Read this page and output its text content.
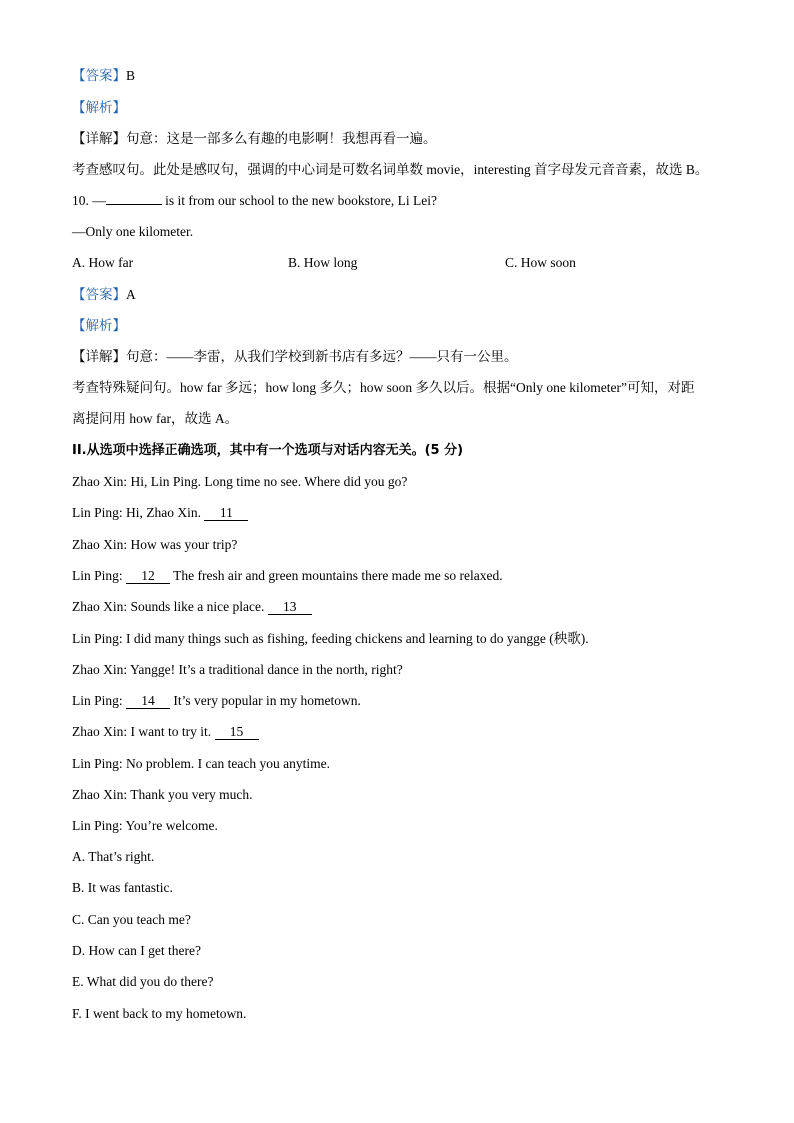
【答案】B
【解析】
【详解】句意：这是一部多么有趣的电影啊！我想再看一遍。
考查感叹句。此处是感叹句，强调的中心词是可数名词单数 movie，interesting 首字母发元音音素，故选 B。
10. —	is it from our school to the new bookstore, Li Lei?
—Only one kilometer.
A. How far	B. How long	C. How soon
【答案】A
【解析】
【详解】句意：——李雷，从我们学校到新书店有多远？——只有一公里。
考查特殊疑问句。how far 多远；how long 多久；how soon 多久以后。根据“Only one kilometer”可知，对距
离提问用 how far，故选 A。
II.从选项中选择正确选项，其中有一个选项与对话内容无关。(5 分)
Zhao Xin: Hi, Lin Ping. Long time no see. Where did you go?
Lin Ping: Hi, Zhao Xin. 11
Zhao Xin: How was your trip?
Lin Ping: 12 The fresh air and green mountains there made me so relaxed.
Zhao Xin: Sounds like a nice place. 13
Lin Ping: I did many things such as fishing, feeding chickens and learning to do yangge (秧歌).
Zhao Xin: Yangge! It’s a traditional dance in the north, right?
Lin Ping: 14 It’s very popular in my hometown.
Zhao Xin: I want to try it. 15
Lin Ping: No problem. I can teach you anytime.
Zhao Xin: Thank you very much.
Lin Ping: You’re welcome.
A. That’s right.
B. It was fantastic.
C. Can you teach me?
D. How can I get there?
E. What did you do there?
F. I went back to my hometown.
